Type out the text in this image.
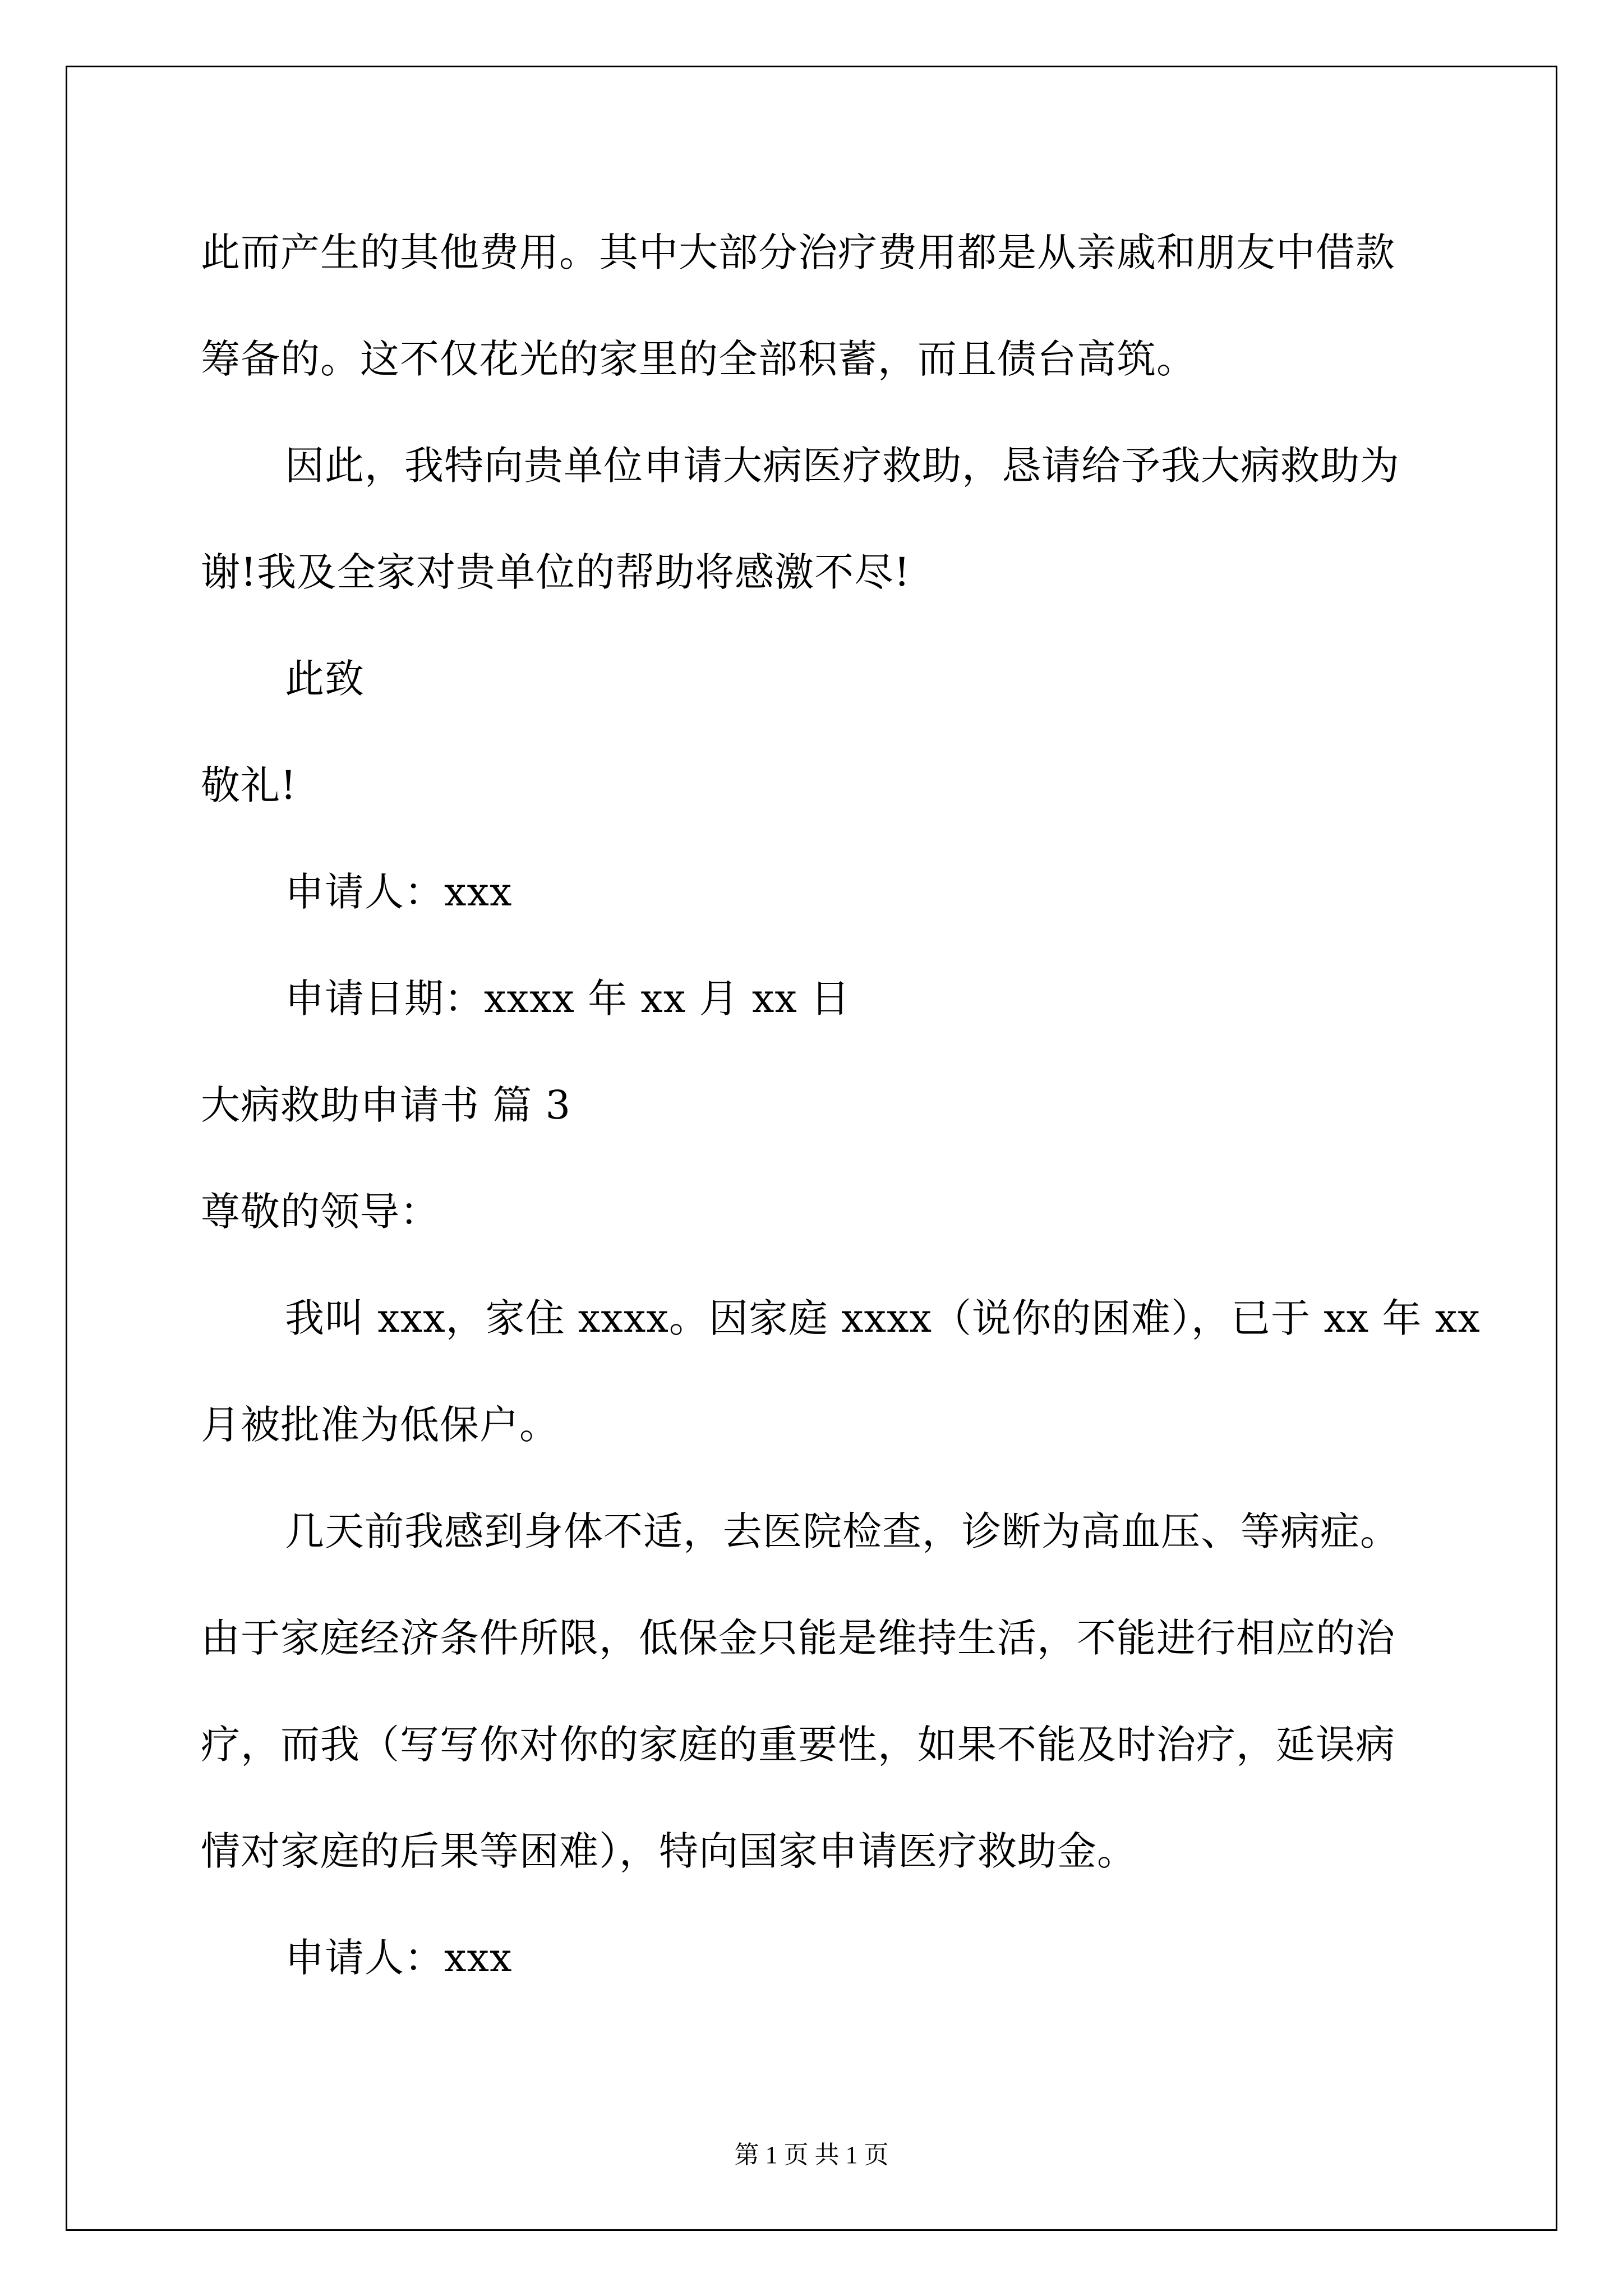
此而产生的其他费用。其中大部分治疗费用都是从亲戚和朋友中借款
筹备的。这不仅花光的家里的全部积蓄，而且债台高筑。
因此，我特向贵单位申请大病医疗救助，恳请给予我大病救助为
谢!我及全家对贵单位的帮助将感激不尽!
此致
敬礼!
申请人：xxx
申请日期：xxxx 年 xx 月 xx 日
大病救助申请书 篇 3
尊敬的领导：
我叫 xxx，家住 xxxx。因家庭 xxxx（说你的困难），已于 xx 年 xx
月被批准为低保户。
几天前我感到身体不适，去医院检查，诊断为高血压、等病症。
由于家庭经济条件所限，低保金只能是维持生活，不能进行相应的治
疗，而我（写写你对你的家庭的重要性，如果不能及时治疗，延误病
情对家庭的后果等困难），特向国家申请医疗救助金。
申请人：xxx
第 1 页 共 1 页
